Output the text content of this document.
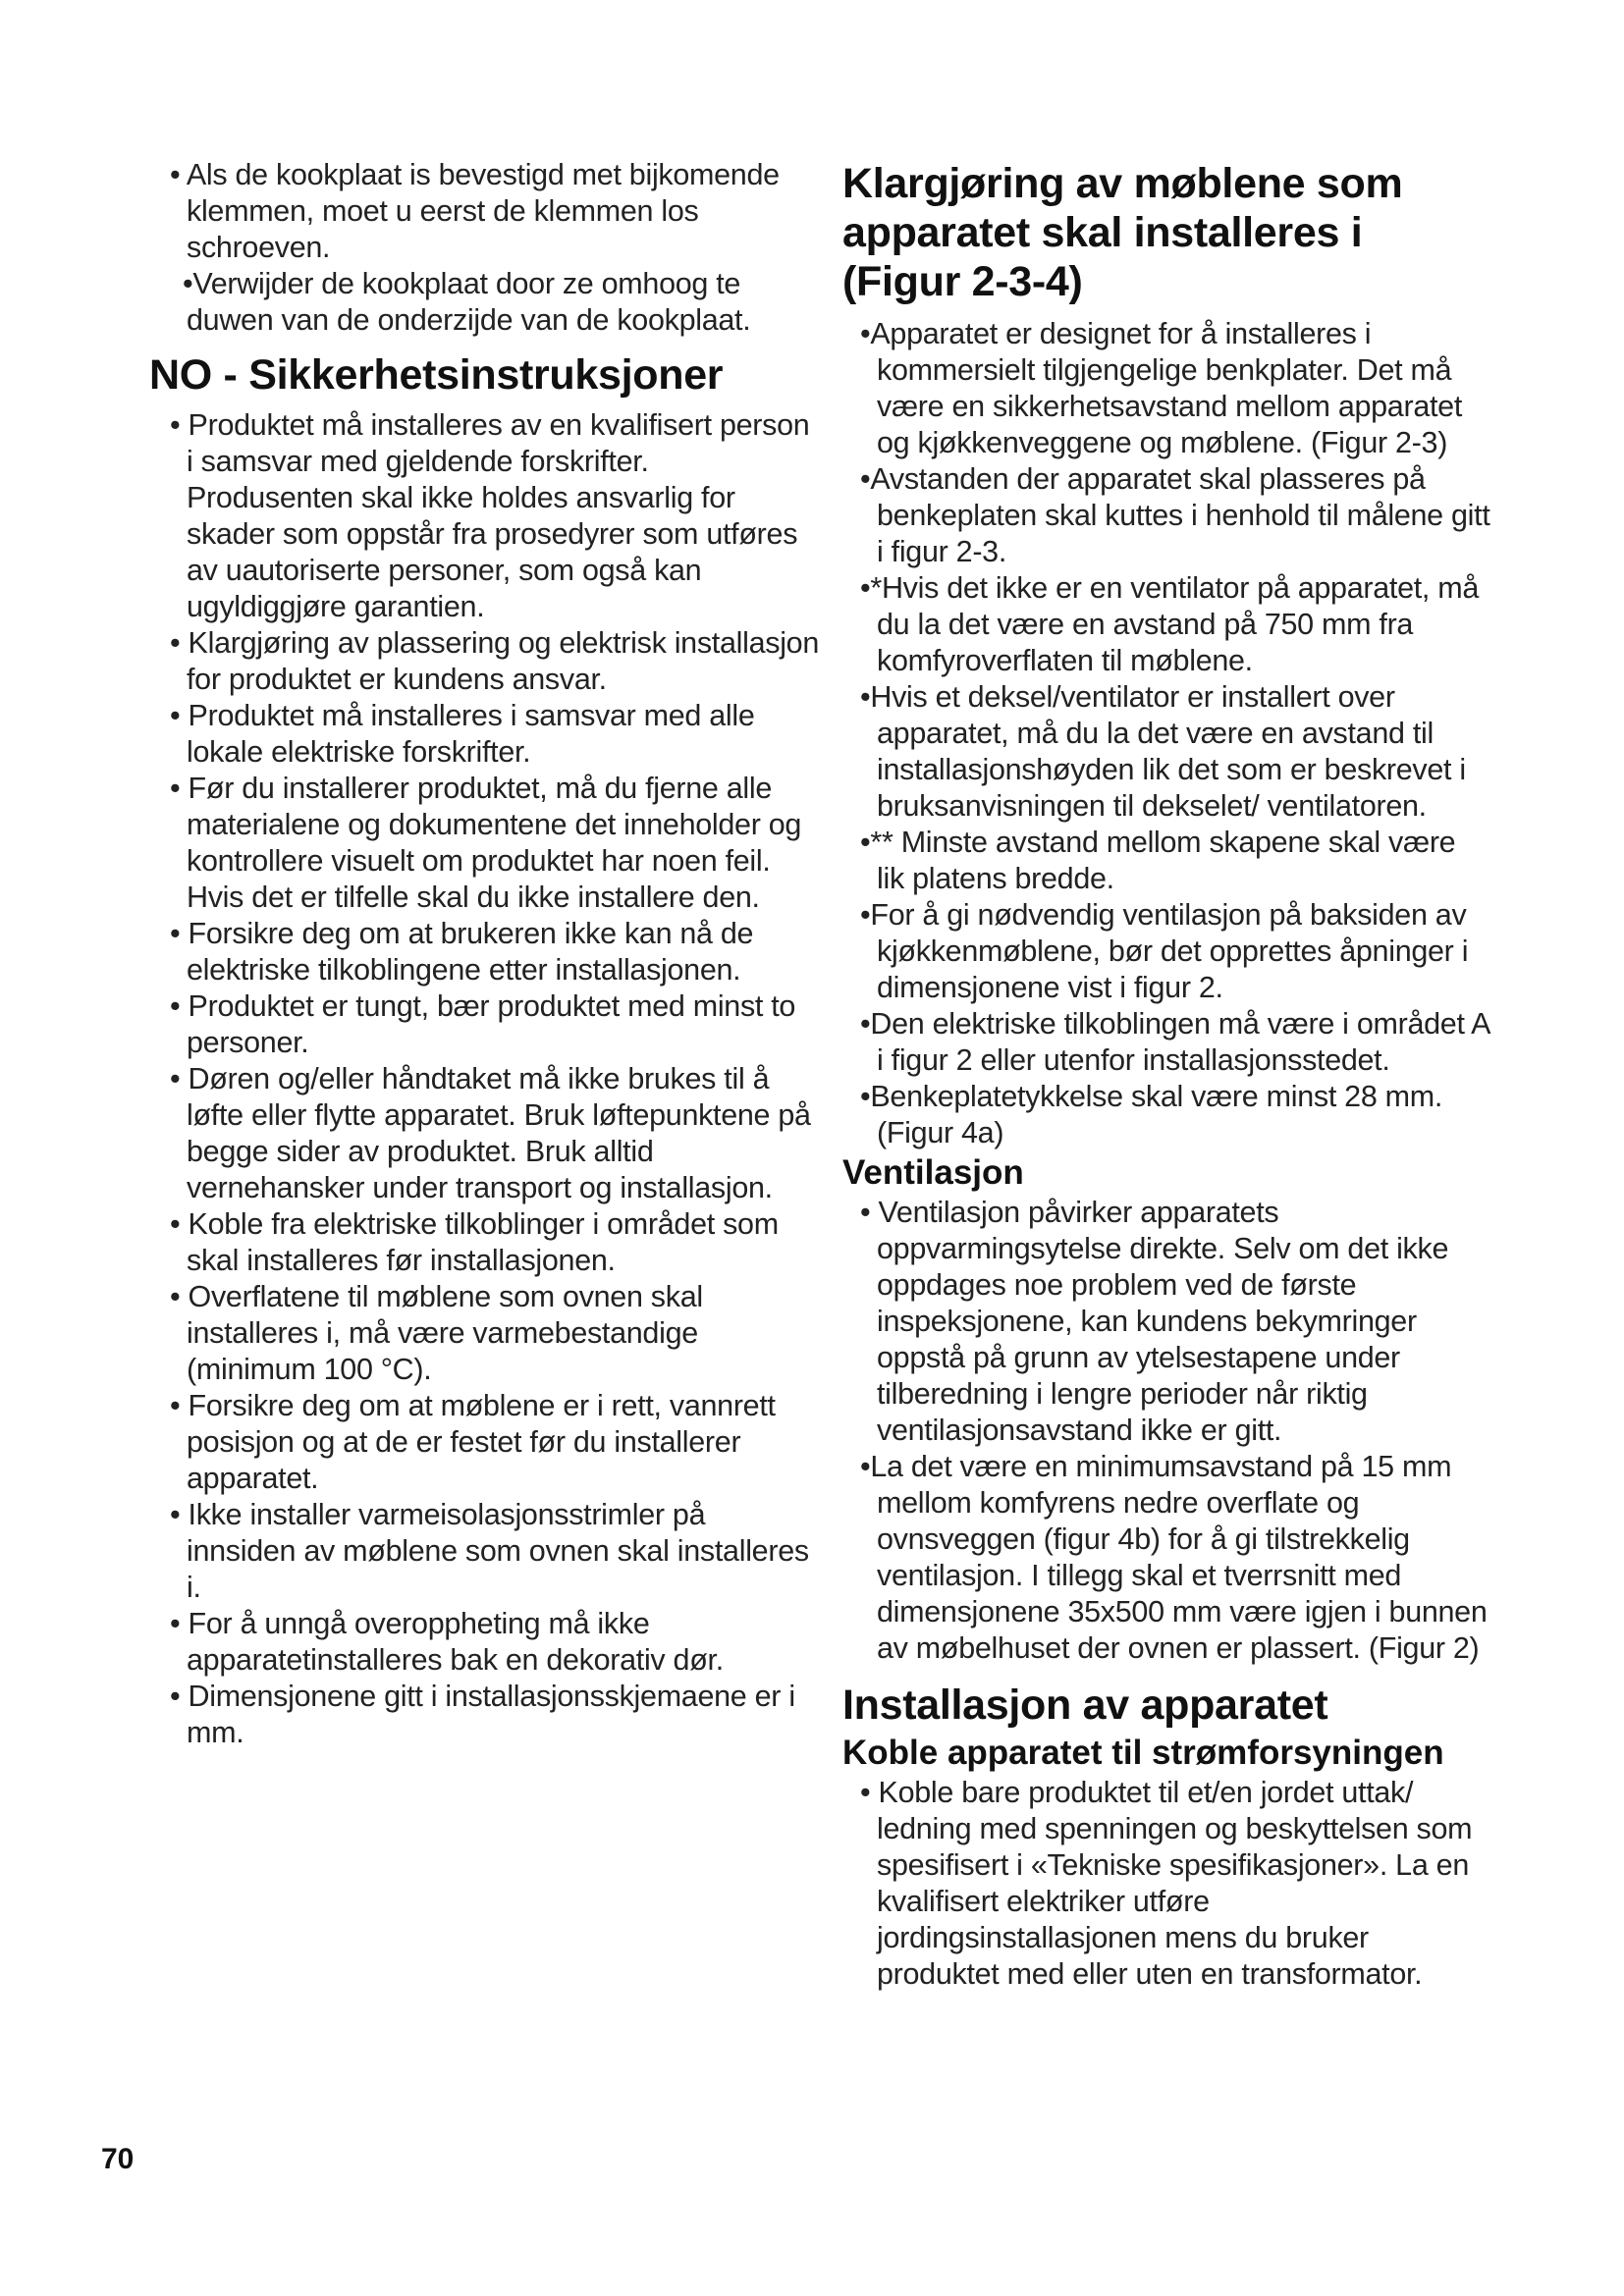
• Als de kookplaat is bevestigd met bijkomende klemmen, moet u eerst de klemmen los schroeven.

•Verwijder de kookplaat door ze omhoog te duwen van de onderzijde van de kookplaat.

NO - Sikkerhetsinstruksjoner

• Produktet må installeres av en kvalifisert person i samsvar med gjeldende forskrifter. Produsenten skal ikke holdes ansvarlig for skader som oppstår fra prosedyrer som utføres av uautoriserte personer, som også kan ugyldiggjøre garantien.

• Klargjøring av plassering og elektrisk installasjon for produktet er kundens ansvar.

• Produktet må installeres i samsvar med alle lokale elektriske forskrifter.

• Før du installerer produktet, må du fjerne alle materialene og dokumentene det inneholder og kontrollere visuelt om produktet har noen feil. Hvis det er tilfelle skal du ikke installere den.

• Forsikre deg om at brukeren ikke kan nå de elektriske tilkoblingene etter installasjonen.

• Produktet er tungt, bær produktet med minst to personer.

• Døren og/eller håndtaket må ikke brukes til å løfte eller flytte apparatet. Bruk løftepunktene på begge sider av produktet. Bruk alltid vernehansker under transport og installasjon.

• Koble fra elektriske tilkoblinger i området som skal installeres før installasjonen.

• Overflatene til møblene som ovnen skal installeres i, må være varmebestandige (minimum 100 °C).

• Forsikre deg om at møblene er i rett, vannrett posisjon og at de er festet før du installerer apparatet.

• Ikke installer varmeisolasjonsstrimler på innsiden av møblene som ovnen skal installeres i.

• For å unngå overoppheting må ikke apparatetinstalleres bak en dekorativ dør.

• Dimensjonene gitt i installasjonsskjemaene er i mm.

Klargjøring av møblene som apparatet skal installeres i (Figur 2-3-4)

•Apparatet er designet for å installeres i kommersielt tilgjengelige benkplater. Det må være en sikkerhetsavstand mellom apparatet og kjøkkenveggene og møblene. (Figur 2-3)

•Avstanden der apparatet skal plasseres på benkeplaten skal kuttes i henhold til målene gitt i figur 2-3.

•*Hvis det ikke er en ventilator på apparatet, må du la det være en avstand på 750 mm fra komfyroverflaten til møblene.

•Hvis et deksel/ventilator er installert over apparatet, må du la det være en avstand til installasjonshøyden lik det som er beskrevet i bruksanvisningen til dekselet/ ventilatoren.

•** Minste avstand mellom skapene skal være lik platens bredde.

•For å gi nødvendig ventilasjon på baksiden av kjøkkenmøblene, bør det opprettes åpninger i dimensjonene vist i figur 2.

•Den elektriske tilkoblingen må være i området A i figur 2 eller utenfor installasjonsstedet.

•Benkeplatetykkelse skal være minst 28 mm. (Figur 4a)

Ventilasjon

• Ventilasjon påvirker apparatets oppvarmingsytelse direkte. Selv om det ikke oppdages noe problem ved de første inspeksjonene, kan kundens bekymringer oppstå på grunn av ytelsestapene under tilberedning i lengre perioder når riktig ventilasjonsavstand ikke er gitt.

•La det være en minimumsavstand på 15 mm mellom komfyrens nedre overflate og ovnsveggen (figur 4b) for å gi tilstrekkelig ventilasjon. I tillegg skal et tverrsnitt med dimensjonene 35x500 mm være igjen i bunnen av møbelhuset der ovnen er plassert. (Figur 2)

Installasjon av apparatet
Koble apparatet til strømforsyningen

• Koble bare produktet til et/en jordet uttak/ ledning med spenningen og beskyttelsen som spesifisert i «Tekniske spesifikasjoner». La en kvalifisert elektriker utføre jordingsinstallasjonen mens du bruker produktet med eller uten en transformator.

70
